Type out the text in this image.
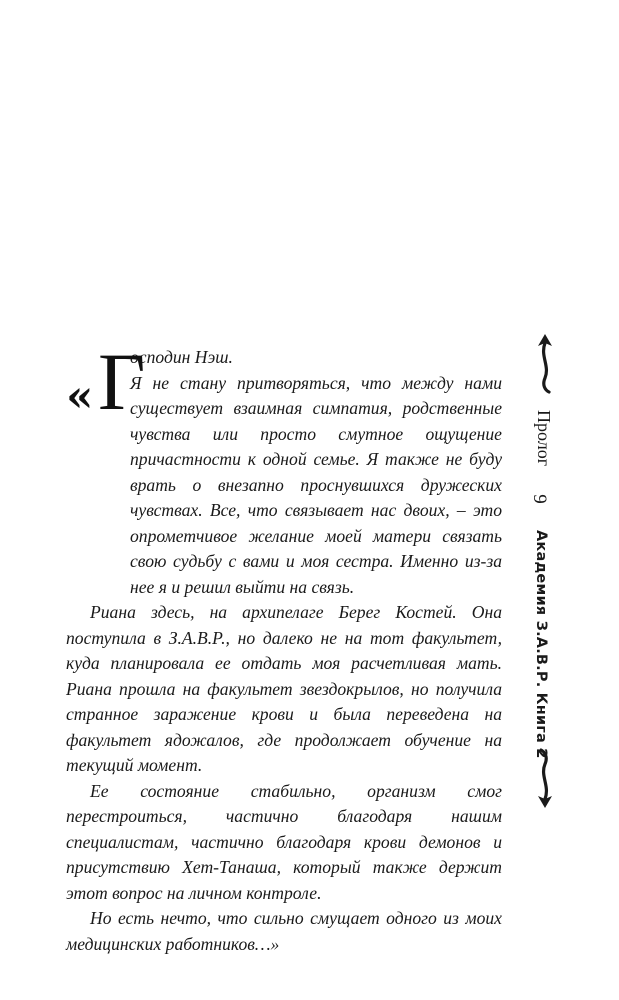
« Г

осподин Нэш.

Я не стану притворяться, что между нами существует взаимная симпатия, родственные чувства или просто смутное ощущение причастности к одной семье. Я также не буду врать о внезапно проснувшихся дружеских чувствах. Все, что связывает нас двоих, – это опрометчивое желание моей матери связать свою судьбу с вами и моя сестра. Именно из-за нее я и решил выйти на связь.

Риана здесь, на архипелаге Берег Костей. Она поступила в З.А.В.Р., но далеко не на тот факультет, куда планировала ее отдать моя расчетливая мать. Риана прошла на факультет звездокрылов, но получила странное заражение крови и была переведена на факультет ядожалов, где продолжает обучение на текущий момент.

Ее состояние стабильно, организм смог перестроиться, частично благодаря нашим специалистам, частично благодаря крови демонов и присутствию Хет-Танаша, который также держит этот вопрос на личном контроле.

Но есть нечто, что сильно смущает одного из моих медицинских работников…»

Пролог
9
Академия З.А.В.Р. Книга 2
